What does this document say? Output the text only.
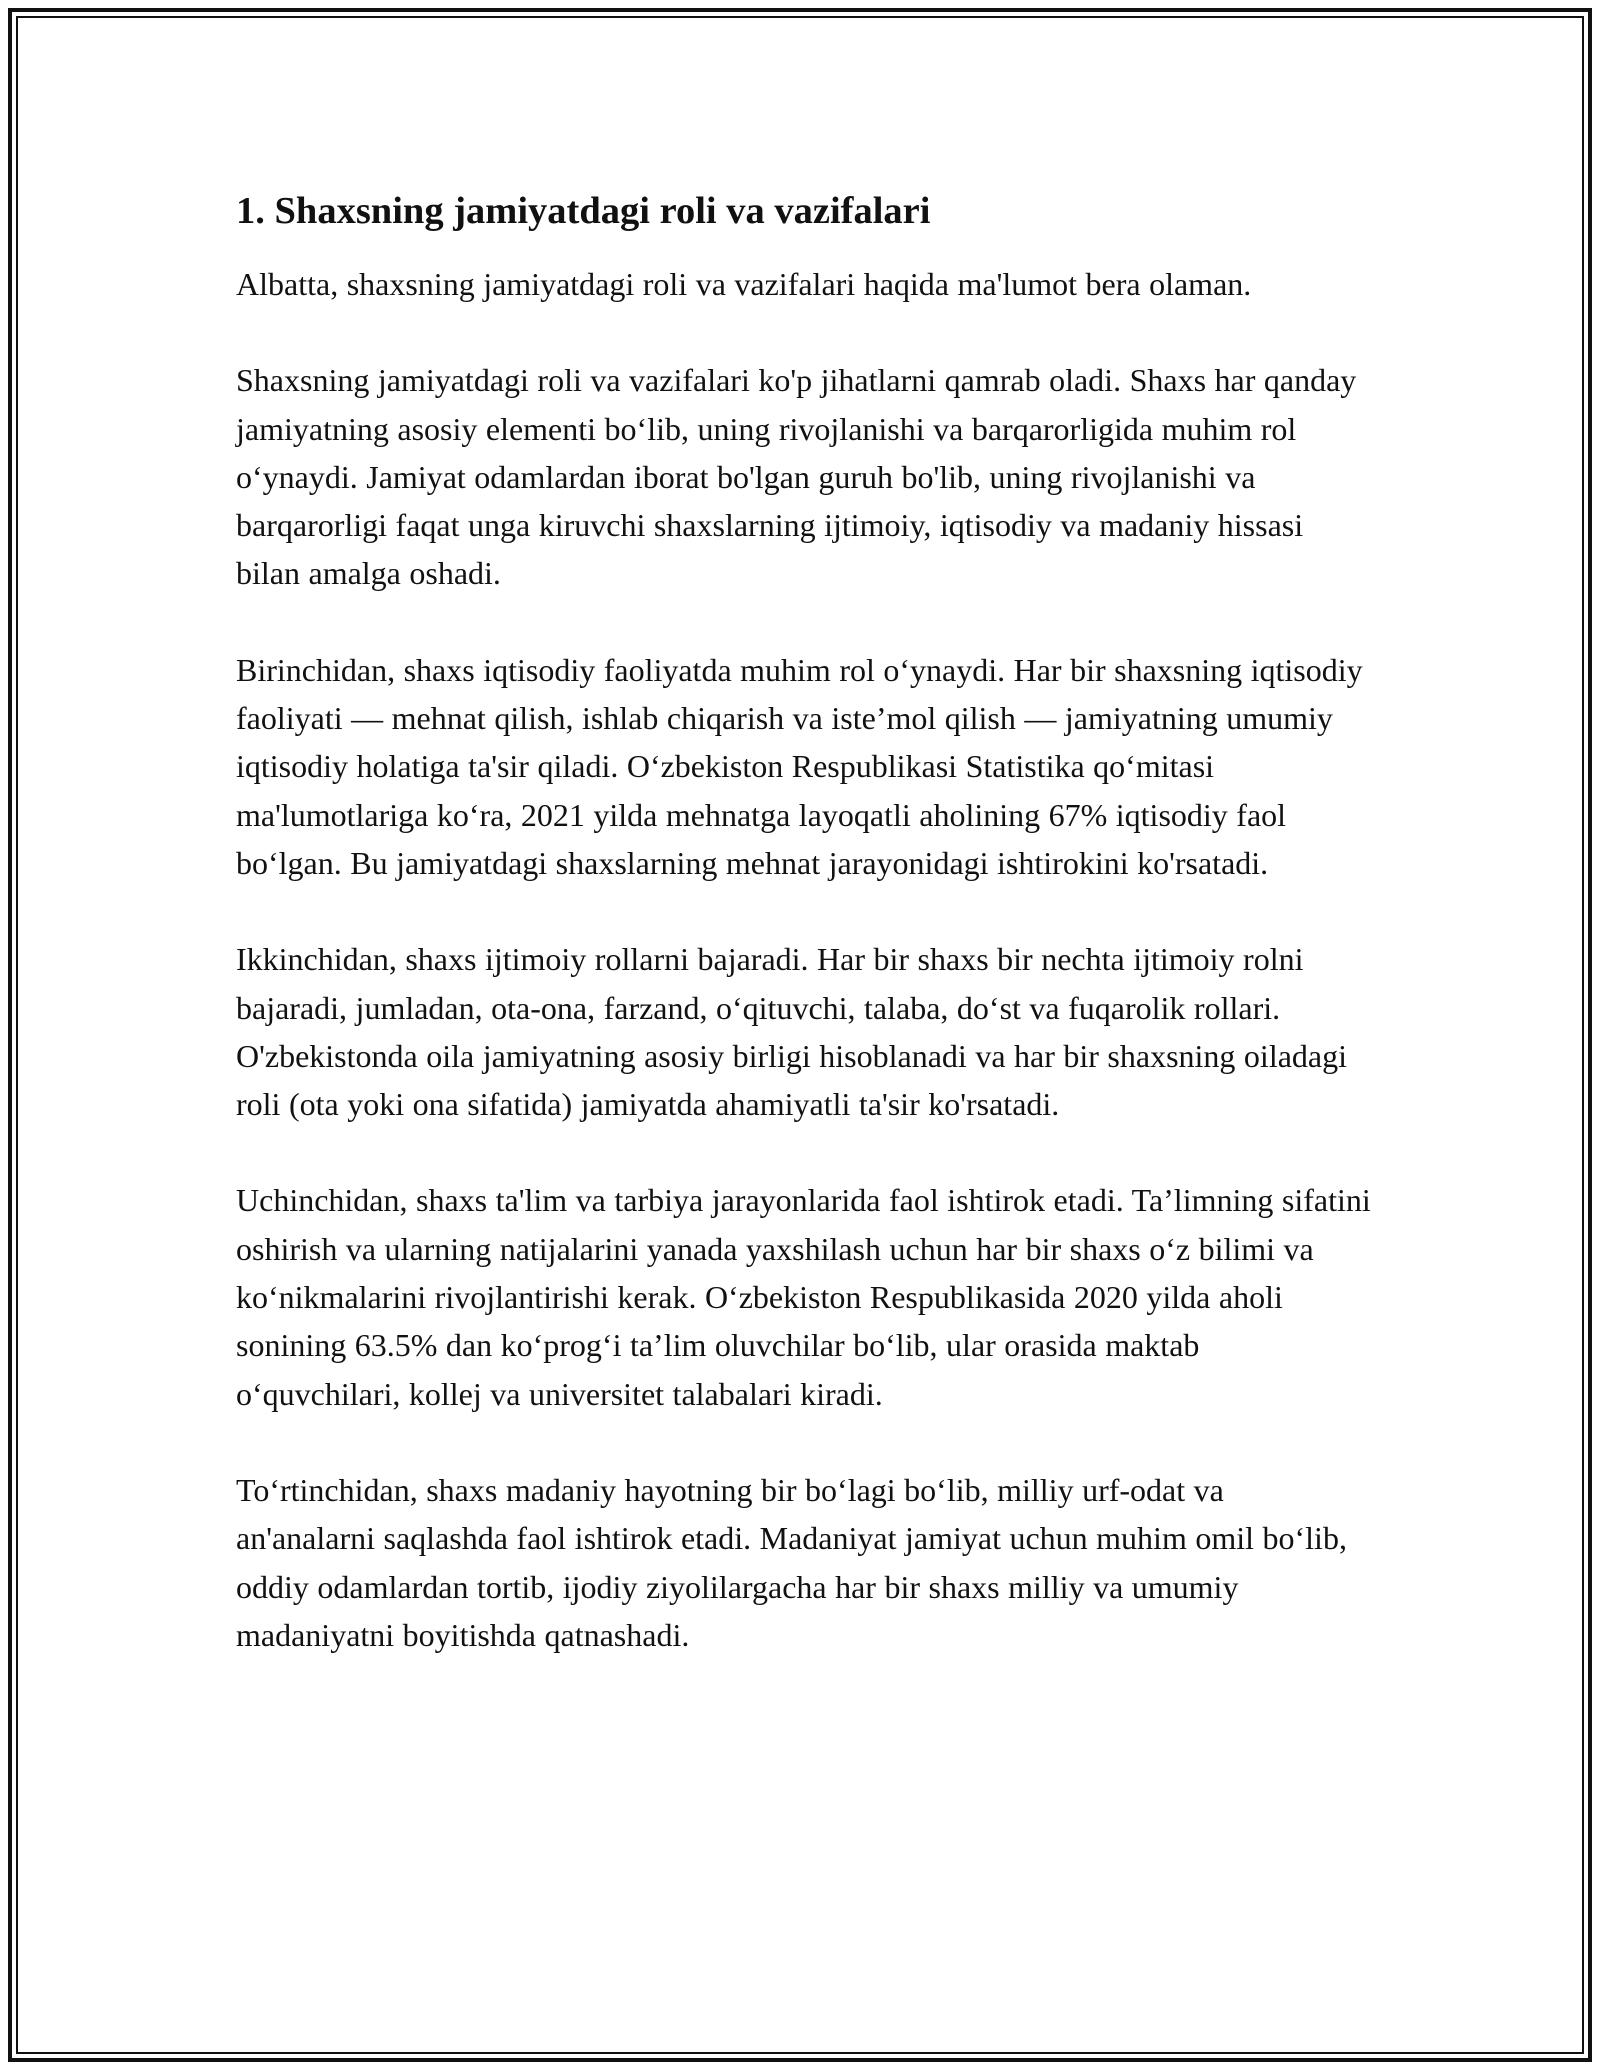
1. Shaxsning jamiyatdagi roli va vazifalari

Albatta, shaxsning jamiyatdagi roli va vazifalari haqida ma'lumot bera olaman.

Shaxsning jamiyatdagi roli va vazifalari ko'p jihatlarni qamrab oladi. Shaxs har qanday jamiyatning asosiy elementi bo‘lib, uning rivojlanishi va barqarorligida muhim rol o‘ynaydi. Jamiyat odamlardan iborat bo'lgan guruh bo'lib, uning rivojlanishi va barqarorligi faqat unga kiruvchi shaxslarning ijtimoiy, iqtisodiy va madaniy hissasi bilan amalga oshadi.

Birinchidan, shaxs iqtisodiy faoliyatda muhim rol o‘ynaydi. Har bir shaxsning iqtisodiy faoliyati — mehnat qilish, ishlab chiqarish va iste’mol qilish — jamiyatning umumiy iqtisodiy holatiga ta'sir qiladi. O‘zbekiston Respublikasi Statistika qo‘mitasi ma'lumotlariga ko‘ra, 2021 yilda mehnatga layoqatli aholining 67% iqtisodiy faol bo‘lgan. Bu jamiyatdagi shaxslarning mehnat jarayonidagi ishtirokini ko'rsatadi.

Ikkinchidan, shaxs ijtimoiy rollarni bajaradi. Har bir shaxs bir nechta ijtimoiy rolni bajaradi, jumladan, ota-ona, farzand, o‘qituvchi, talaba, do‘st va fuqarolik rollari. O'zbekistonda oila jamiyatning asosiy birligi hisoblanadi va har bir shaxsning oiladagi roli (ota yoki ona sifatida) jamiyatda ahamiyatli ta'sir ko'rsatadi.

Uchinchidan, shaxs ta'lim va tarbiya jarayonlarida faol ishtirok etadi. Ta’limning sifatini oshirish va ularning natijalarini yanada yaxshilash uchun har bir shaxs o‘z bilimi va ko‘nikmalarini rivojlantirishi kerak. O‘zbekiston Respublikasida 2020 yilda aholi sonining 63.5% dan ko‘prog‘i ta’lim oluvchilar bo‘lib, ular orasida maktab o‘quvchilari, kollej va universitet talabalari kiradi.

To‘rtinchidan, shaxs madaniy hayotning bir bo‘lagi bo‘lib, milliy urf-odat va an'analarni saqlashda faol ishtirok etadi. Madaniyat jamiyat uchun muhim omil bo‘lib, oddiy odamlardan tortib, ijodiy ziyolilargacha har bir shaxs milliy va umumiy madaniyatni boyitishda qatnashadi.
